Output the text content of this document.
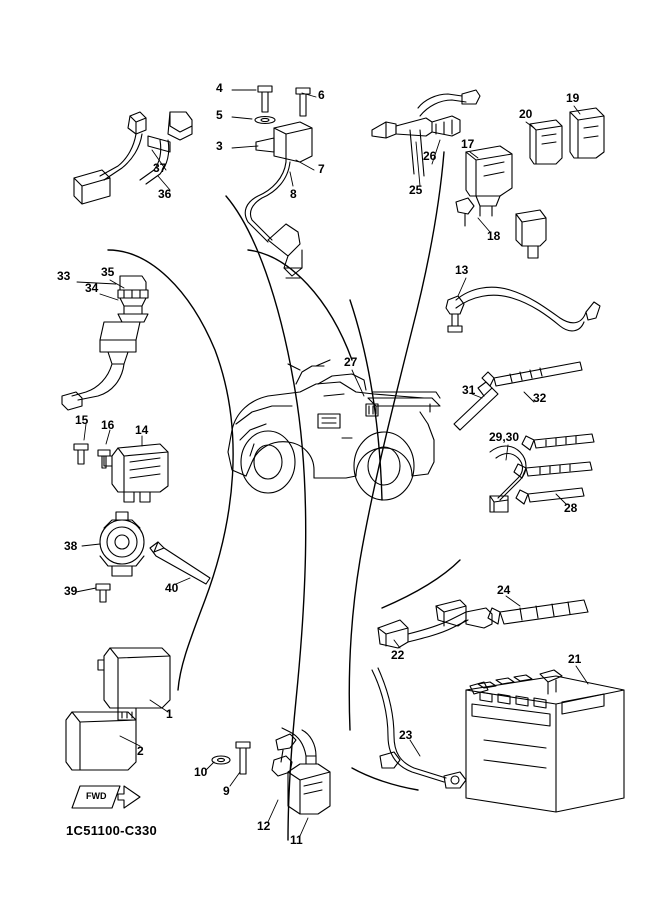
4	6
5
3
7
8
19
20
17
26
25
18
37
36
13
33	35
34
27
31
32
29,30
28
15 16 14
38
40
39	24
22	21
23
1
2
10
9
12
11
FWD
1C51100-C330
